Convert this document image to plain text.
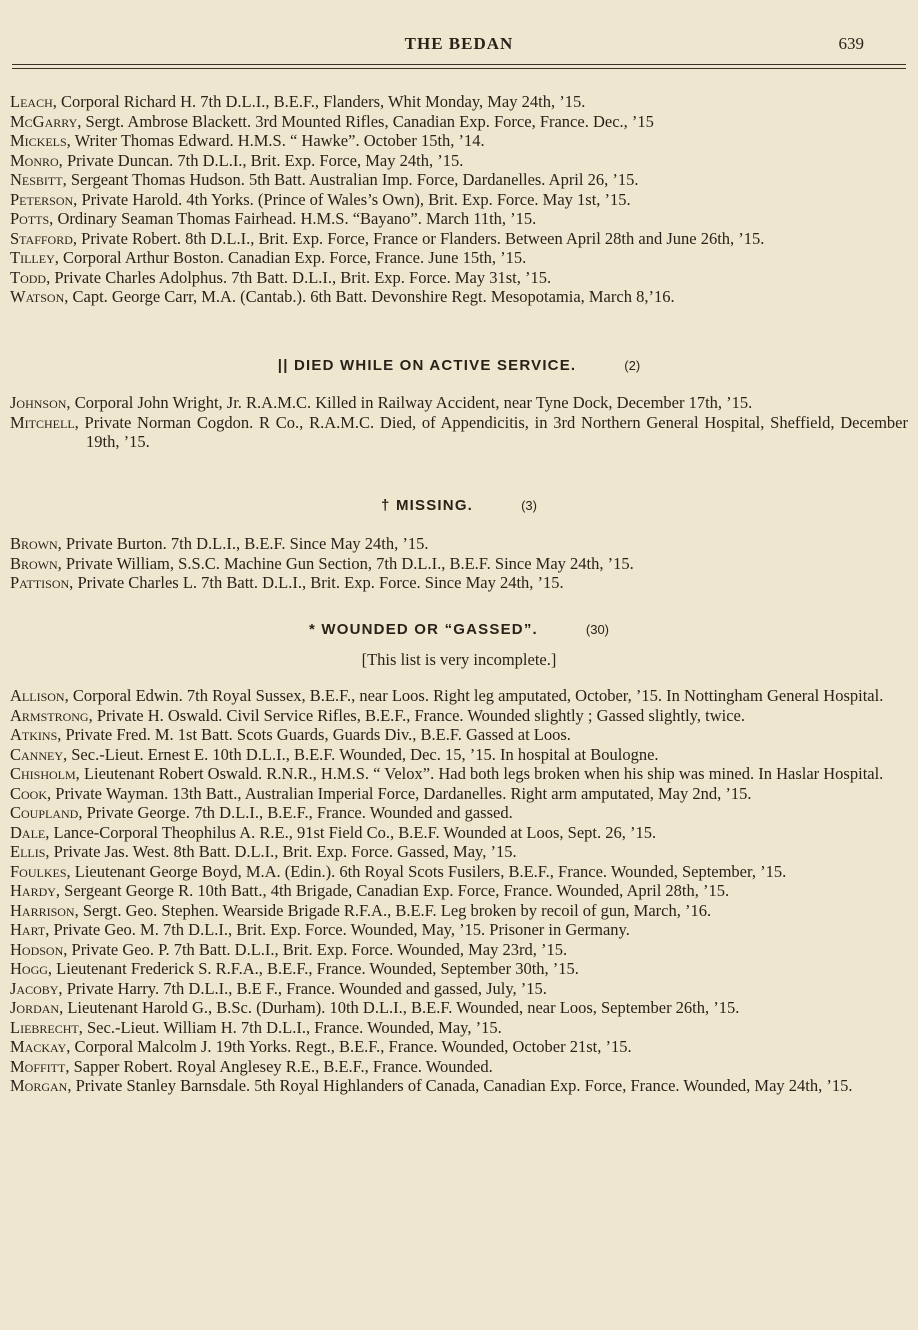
THE BEDAN	639
Leach, Corporal Richard H. 7th D.L.I., B.E.F., Flanders, Whit Monday, May 24th, ’15.
McGarry, Sergt. Ambrose Blackett. 3rd Mounted Rifles, Canadian Exp. Force, France. Dec., ’15
Mickels, Writer Thomas Edward. H.M.S. “ Hawke”. October 15th, ’14.
Monro, Private Duncan. 7th D.L.I., Brit. Exp. Force, May 24th, ’15.
Nesbitt, Sergeant Thomas Hudson. 5th Batt. Australian Imp. Force, Dardanelles. April 26, ’15.
Peterson, Private Harold. 4th Yorks. (Prince of Wales’s Own), Brit. Exp. Force. May 1st, ’15.
Potts, Ordinary Seaman Thomas Fairhead. H.M.S. “Bayano”. March 11th, ’15.
Stafford, Private Robert. 8th D.L.I., Brit. Exp. Force, France or Flanders. Between April 28th and June 26th, ’15.
Tilley, Corporal Arthur Boston. Canadian Exp. Force, France. June 15th, ’15.
Todd, Private Charles Adolphus. 7th Batt. D.L.I., Brit. Exp. Force. May 31st, ’15.
Watson, Capt. George Carr, M.A. (Cantab.). 6th Batt. Devonshire Regt. Mesopotamia, March 8,’16.
|| DIED WHILE ON ACTIVE SERVICE.	(2)
Johnson, Corporal John Wright, Jr. R.A.M.C. Killed in Railway Accident, near Tyne Dock, December 17th, ’15.
Mitchell, Private Norman Cogdon. R Co., R.A.M.C. Died, of Appendicitis, in 3rd Northern General Hospital, Sheffield, December 19th, ’15.
† MISSING.	(3)
Brown, Private Burton. 7th D.L.I., B.E.F. Since May 24th, ’15.
Brown, Private William, S.S.C. Machine Gun Section, 7th D.L.I., B.E.F. Since May 24th, ’15.
Pattison, Private Charles L. 7th Batt. D.L.I., Brit. Exp. Force. Since May 24th, ’15.
* WOUNDED OR “GASSED”.	(30)
[This list is very incomplete.]
Allison, Corporal Edwin. 7th Royal Sussex, B.E.F., near Loos. Right leg amputated, October, ’15. In Nottingham General Hospital.
Armstrong, Private H. Oswald. Civil Service Rifles, B.E.F., France. Wounded slightly ; Gassed slightly, twice.
Atkins, Private Fred. M. 1st Batt. Scots Guards, Guards Div., B.E.F. Gassed at Loos.
Canney, Sec.-Lieut. Ernest E. 10th D.L.I., B.E.F. Wounded, Dec. 15, ’15. In hospital at Boulogne.
Chisholm, Lieutenant Robert Oswald. R.N.R., H.M.S. “ Velox”. Had both legs broken when his ship was mined. In Haslar Hospital.
Cook, Private Wayman. 13th Batt., Australian Imperial Force, Dardanelles. Right arm amputated, May 2nd, ’15.
Coupland, Private George. 7th D.L.I., B.E.F., France. Wounded and gassed.
Dale, Lance-Corporal Theophilus A. R.E., 91st Field Co., B.E.F. Wounded at Loos, Sept. 26, ’15.
Ellis, Private Jas. West. 8th Batt. D.L.I., Brit. Exp. Force. Gassed, May, ’15.
Foulkes, Lieutenant George Boyd, M.A. (Edin.). 6th Royal Scots Fusilers, B.E.F., France. Wounded, September, ’15.
Hardy, Sergeant George R. 10th Batt., 4th Brigade, Canadian Exp. Force, France. Wounded, April 28th, ’15.
Harrison, Sergt. Geo. Stephen. Wearside Brigade R.F.A., B.E.F. Leg broken by recoil of gun, March, ’16.
Hart, Private Geo. M. 7th D.L.I., Brit. Exp. Force. Wounded, May, ’15. Prisoner in Germany.
Hodson, Private Geo. P. 7th Batt. D.L.I., Brit. Exp. Force. Wounded, May 23rd, ’15.
Hogg, Lieutenant Frederick S. R.F.A., B.E.F., France. Wounded, September 30th, ’15.
Jacoby, Private Harry. 7th D.L.I., B.E F., France. Wounded and gassed, July, ’15.
Jordan, Lieutenant Harold G., B.Sc. (Durham). 10th D.L.I., B.E.F. Wounded, near Loos, September 26th, ’15.
Liebrecht, Sec.-Lieut. William H. 7th D.L.I., France. Wounded, May, ’15.
Mackay, Corporal Malcolm J. 19th Yorks. Regt., B.E.F., France. Wounded, October 21st, ’15.
Moffitt, Sapper Robert. Royal Anglesey R.E., B.E.F., France. Wounded.
Morgan, Private Stanley Barnsdale. 5th Royal Highlanders of Canada, Canadian Exp. Force, France. Wounded, May 24th, ’15.
